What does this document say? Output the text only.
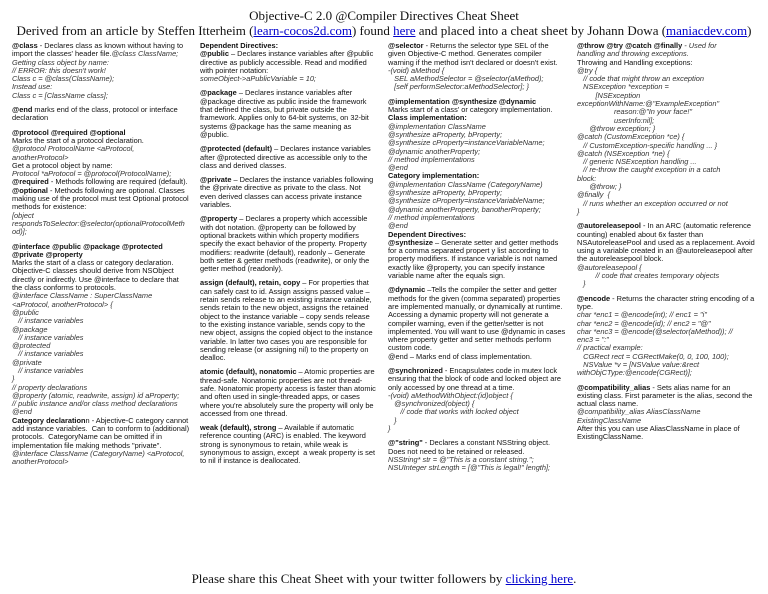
Objective-C 2.0 @Compiler Directives Cheat Sheet
Derived from an article by Steffen Itterheim (learn-cocos2d.com) found here and placed into a cheat sheet by Johann Dowa (maniacdev.com)
@class - Declares class as known without having to import the classes' header file.@class ClassName;
Getting class object by name:
// ERROR: this doesn't work!
Class c = @class(ClassName);
Instead use:
Class c = [ClassName class];
@end marks end of the class, protocol or interface declaration
@protocol @required @optional
Marks the start of a protocol declaration.
@protocol ProtocolName <aProtocol,
anotherProtocol>
Get a protocol object by name:
Protocol *aProtocol = @protocol(ProtocolName);
@required - Methods following are required (default).
@optional - Methods following are optional. Classes making use of the protocol must test Optional protocol methods for existence:
[object
respondsToSelector:@selector(optionalProtocolMeth
od)];
@interface @public @package @protected
@private @property
Marks the start of a class or category declaration. Objective-C classes should derive from NSObject directly or indirectly. Use @interface to declare that the class conforms to protocols.
@interface ClassName : SuperClassName
<aProtocol, anotherProtocol> {
@public
// instance variables
@package
// instance variables
@protected
// instance variables
@private
// instance variables
}
// property declarations
@property (atomic, readwrite, assign) id aProperty;
// public instance and/or class method declarations
@end
Category declarationn - Abjective-C category cannot add instance variables.  Can to conform to (additional) protocols.  CategoryName can be omitted if in implementation file making methods "private".
@interface ClassName (CategoryName) <aProtocol,
anotherProtocol>
Dependent Directives:
@public – Declares instance variables after @public directive as publicly accessible. Read and modified with pointer notation:
someObject->aPublicVariable = 10;
@package – Declares instance variables after @package directive as public inside the framework that defined the class, but private outside the framework. Applies only to 64-bit systems, on 32-bit systems @package has the same meaning as @public.
@protected (default) – Declares instance variables after @protected directive as accessible only to the class and derived classes.
@private – Declares the instance variables following the @private directive as private to the class. Not even derived classes can access private instance variables.
@property – Declares a property which accessible with dot notation. @property can be followed by optional brackets within which property modifiers specify the exact behavior of the property. Property modifiers: readwrite (default), readonly – Generate both setter & getter methods (readwrite), or only the getter method (readonly).
assign (default), retain, copy – For properties that can safely cast to id. Assign assigns passed value – retain sends release to an existing instance variable, sends retain to the new object, assigns the retained object to the instance variable – copy sends release to the existing instance variable, sends copy to the new object, assigns the copied object to the instance variable. In latter two cases you are responsible for sending release (or assigning nil) to the property on dealloc.
atomic (default), nonatomic – Atomic properties are thread-safe. Nonatomic properties are not thread-safe. Nonatomic property access is faster than atomic and often used in single-threaded apps, or cases where you're absolutely sure the property will only be accessed from one thread.
weak (default), strong – Available if automatic reference counting (ARC) is enabled. The keyword strong is synonymous to retain, while weak is synonymous to assign, except  a weak property is set to nil if instance is deallocated.
@selector - Returns the selector type SEL of the given Objective-C method. Generates compiler warning if the method isn't declared or doesn't exist.
-(void) aMethod {
SEL aMethodSelector = @selector(aMethod);
[self performSelector:aMethodSelector]; }
@implementation @synthesize @dynamic
Marks start of a class' or category implementation.
Class implementation:
@implementation ClassName
@synthesize aProperty, bProperty;
@synthesize cProperty=instanceVariableName;
@dynamic anotherProperty;
// method implementations
@end
Category implementation:
@implementation ClassName (CategoryName)
@synthesize aProperty, bProperty;
@synthesize cProperty=instanceVariableName;
@dynamic anotherProperty, banotherProperty;
// method implementations
@end
Dependent Directives:
@synthesize – Generate setter and getter methods for a comma separated propert y list according to property modifiers. If instance variable is not named exactly like @property, you can specify instance variable name after the equals sign.
@dynamic –Tells the compiler the setter and getter methods for the given (comma separated) properties are implemented manually, or dynamically at runtime. Accessing a dynamic property will not generate a compiler warning, even if the getter/setter is not implemented. You will want to use @dynamic in cases where property getter and setter methods perform custom code.
@end – Marks end of class implementation.
@synchronized - Encapsulates code in mutex lock ensuring that the block of code and locked object are only accessed by one thread at a time.
-(void) aMethodWithObject:(id)object {
@synchronized(object) {
// code that works with locked object
}
}
@"string" - Declares a constant NSString object. Does not need to be retained or released.
NSString* str = @"This is a constant string.";
NSUInteger strLength = [@"This is legal!" length];
@throw @try @catch @finally - Used for
handling and throwing exceptions.
Throwing and Handling exceptions:
@try {
// code that might throw an exception
NSException *exception =
[NSException
exceptionWithName:@"ExampleException"
reason:@"In your face!"
userInfo:nil];
@throw exception; }
@catch (CustomException *ce) {
// CustomException-specific handling ... }
@catch (NSException *ne) {
// generic NSException handling ...
// re-throw the caught exception in a catch
block:
@throw; }
@finally  {
// runs whether an exception occurred or not
}
@autoreleasepool - In an ARC (automatic reference counting) enabled about 6x faster than NSAutoreleasePool and used as a replacement. Avoid using a variable created in an @autoreleasepool after the autoreleasepool block.
@autoreleasepool {
// code that creates temporary objects
}
@encode - Returns the character string encoding of a type.
char *enc1 = @encode(int); // enc1 = "i"
char *enc2 = @encode(id); // enc2 = "@"
char *enc3 = @encode(@selector(aMethod)); //
enc3 = ":"
// practical example:
CGRect rect = CGRectMake(0, 0, 100, 100);
NSValue *v = [NSValue value:&rect
withObjCType:@encode(CGRect)];
@compatibility_alias - Sets alias name for an existing class. First parameter is the alias, second the actual class name.
@compatibility_alias AliasClassName
ExistingClassName
After this you can use AliasClassName in place of ExistingClassName.
Please share this Cheat Sheet with your twitter followers by clicking here.
